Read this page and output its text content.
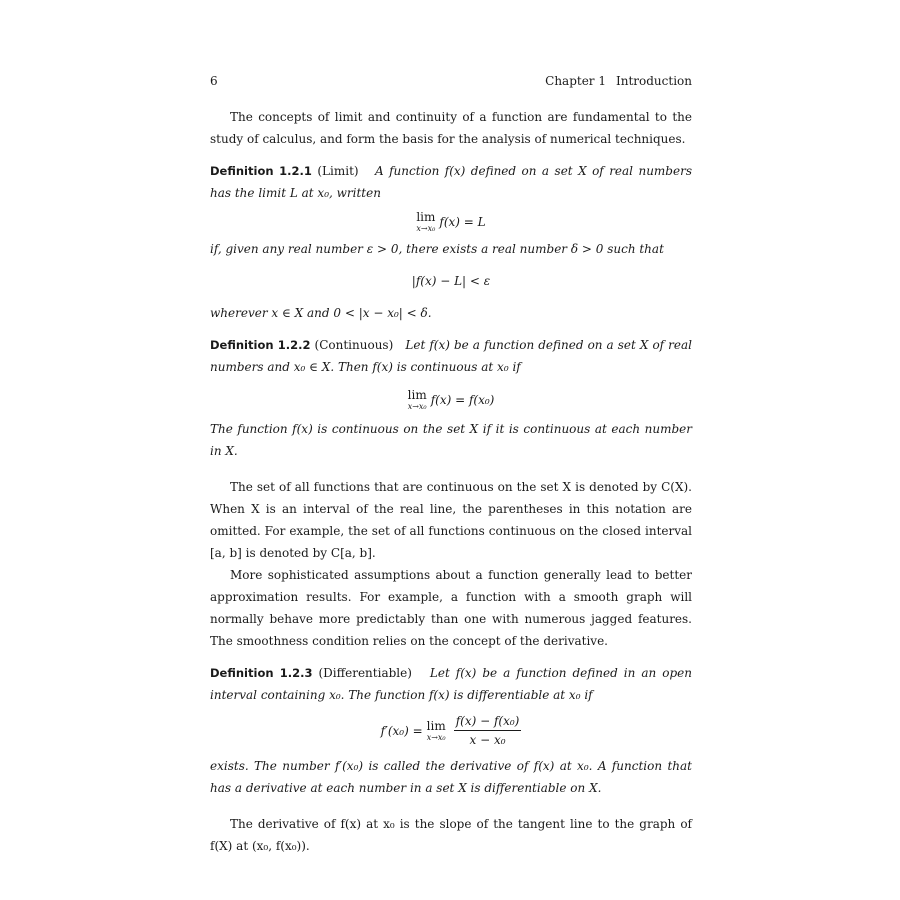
6	Chapter 1 Introduction

The concepts of limit and continuity of a function are fundamental to the study of calculus, and form the basis for the analysis of numerical techniques.

Definition 1.2.1 (Limit) A function f(x) defined on a set X of real numbers has the limit L at x₀, written

lim
x→x₀ f(x) = L

if, given any real number ε > 0, there exists a real number δ > 0 such that

|f(x) − L| < ε

wherever x ∈ X and 0 < |x − x₀| < δ.

Definition 1.2.2 (Continuous) Let f(x) be a function defined on a set X of real numbers and x₀ ∈ X. Then f(x) is continuous at x₀ if

lim
x→x₀ f(x) = f(x₀)

The function f(x) is continuous on the set X if it is continuous at each number in X.

The set of all functions that are continuous on the set X is denoted by C(X). When X is an interval of the real line, the parentheses in this notation are omitted. For example, the set of all functions continuous on the closed interval [a, b] is denoted by C[a, b].

More sophisticated assumptions about a function generally lead to better approximation results. For example, a function with a smooth graph will normally behave more predictably than one with numerous jagged features. The smoothness condition relies on the concept of the derivative.

Definition 1.2.3 (Differentiable) Let f(x) be a function defined in an open interval containing x₀. The function f(x) is differentiable at x₀ if

f′(x₀) = lim
$x\to x_0 \frac{\text{f(x) − f(x₀)}}{\text{x − x₀}}$

exists. The number f′(x₀) is called the derivative of f(x) at x₀. A function that has a derivative at each number in a set X is differentiable on X.

The derivative of f(x) at x₀ is the slope of the tangent line to the graph of f(X) at (x₀, f(x₀)).
